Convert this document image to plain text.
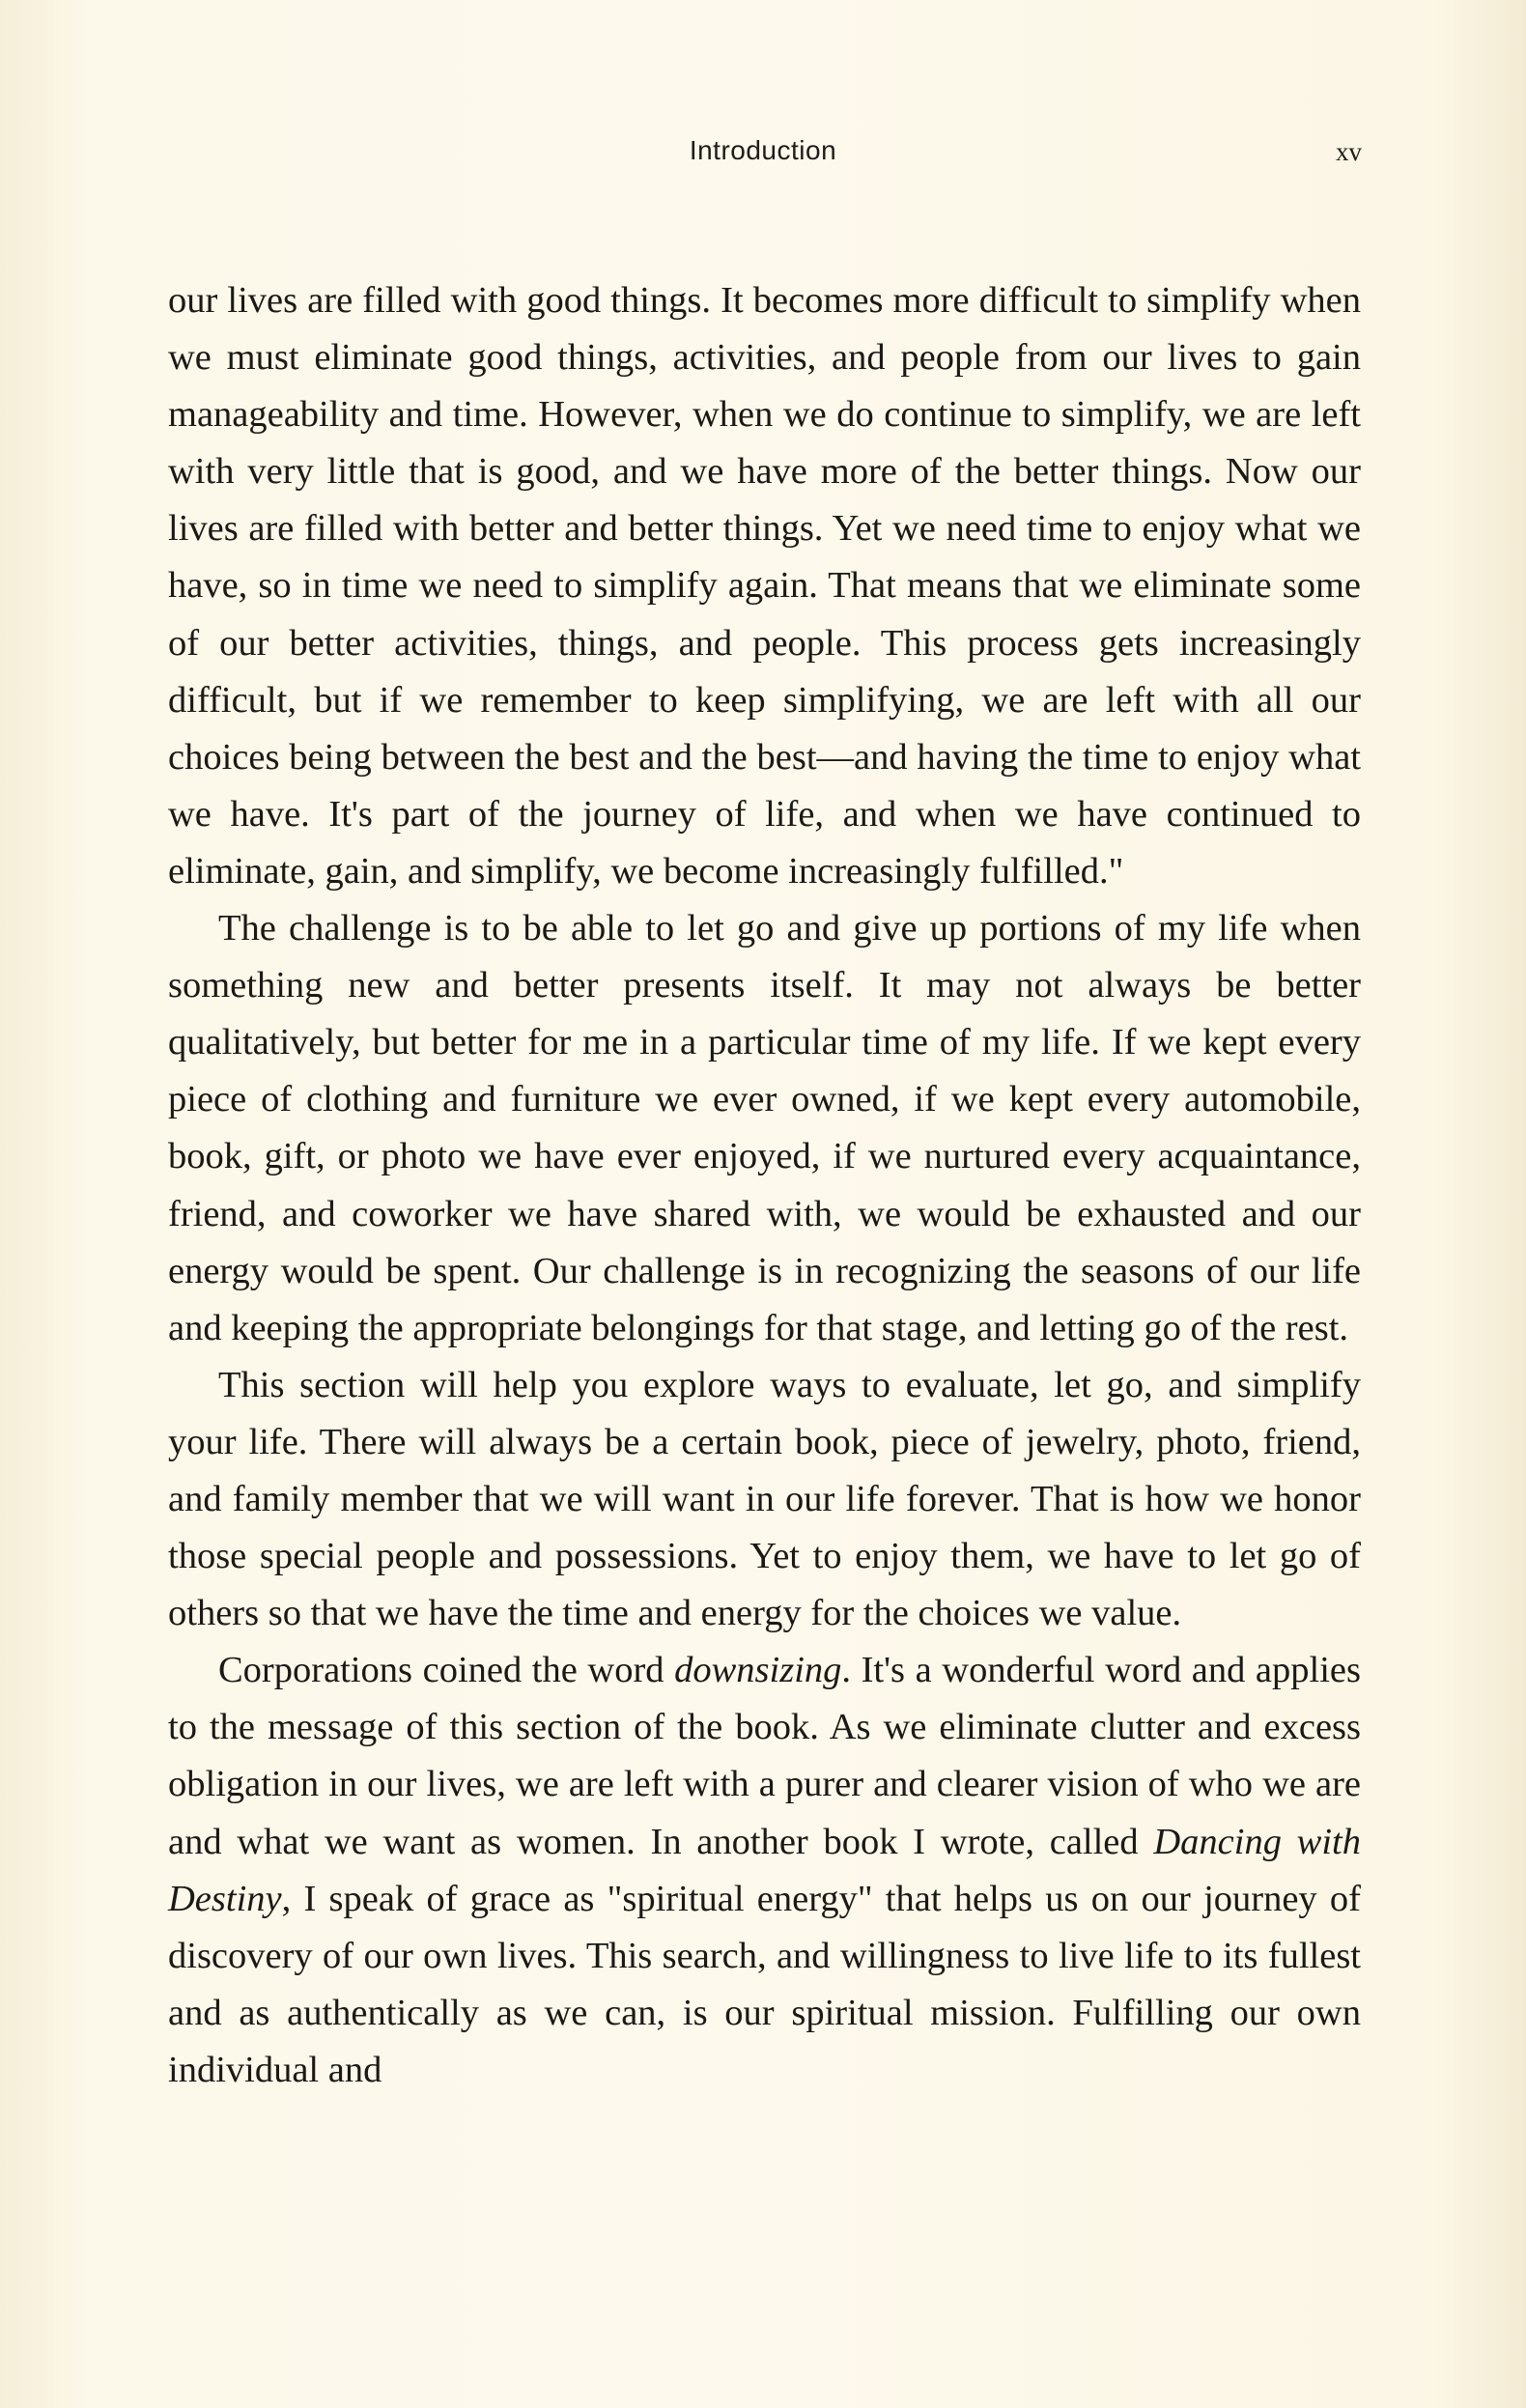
Introduction	xv

our lives are filled with good things. It becomes more difficult to simplify when we must eliminate good things, activities, and people from our lives to gain manageability and time. However, when we do continue to simplify, we are left with very little that is good, and we have more of the better things. Now our lives are filled with better and better things. Yet we need time to enjoy what we have, so in time we need to simplify again. That means that we eliminate some of our better activities, things, and people. This process gets increasingly difficult, but if we remember to keep simplifying, we are left with all our choices being between the best and the best—and having the time to enjoy what we have. It's part of the journey of life, and when we have continued to eliminate, gain, and simplify, we become increasingly fulfilled."

The challenge is to be able to let go and give up portions of my life when something new and better presents itself. It may not always be better qualitatively, but better for me in a particular time of my life. If we kept every piece of clothing and furniture we ever owned, if we kept every automobile, book, gift, or photo we have ever enjoyed, if we nurtured every acquaintance, friend, and coworker we have shared with, we would be exhausted and our energy would be spent. Our challenge is in recognizing the seasons of our life and keeping the appropriate belongings for that stage, and letting go of the rest.

This section will help you explore ways to evaluate, let go, and simplify your life. There will always be a certain book, piece of jewelry, photo, friend, and family member that we will want in our life forever. That is how we honor those special people and possessions. Yet to enjoy them, we have to let go of others so that we have the time and energy for the choices we value.

Corporations coined the word downsizing. It's a wonderful word and applies to the message of this section of the book. As we eliminate clutter and excess obligation in our lives, we are left with a purer and clearer vision of who we are and what we want as women. In another book I wrote, called Dancing with Destiny, I speak of grace as "spiritual energy" that helps us on our journey of discovery of our own lives. This search, and willingness to live life to its fullest and as authentically as we can, is our spiritual mission. Fulfilling our own individual and
